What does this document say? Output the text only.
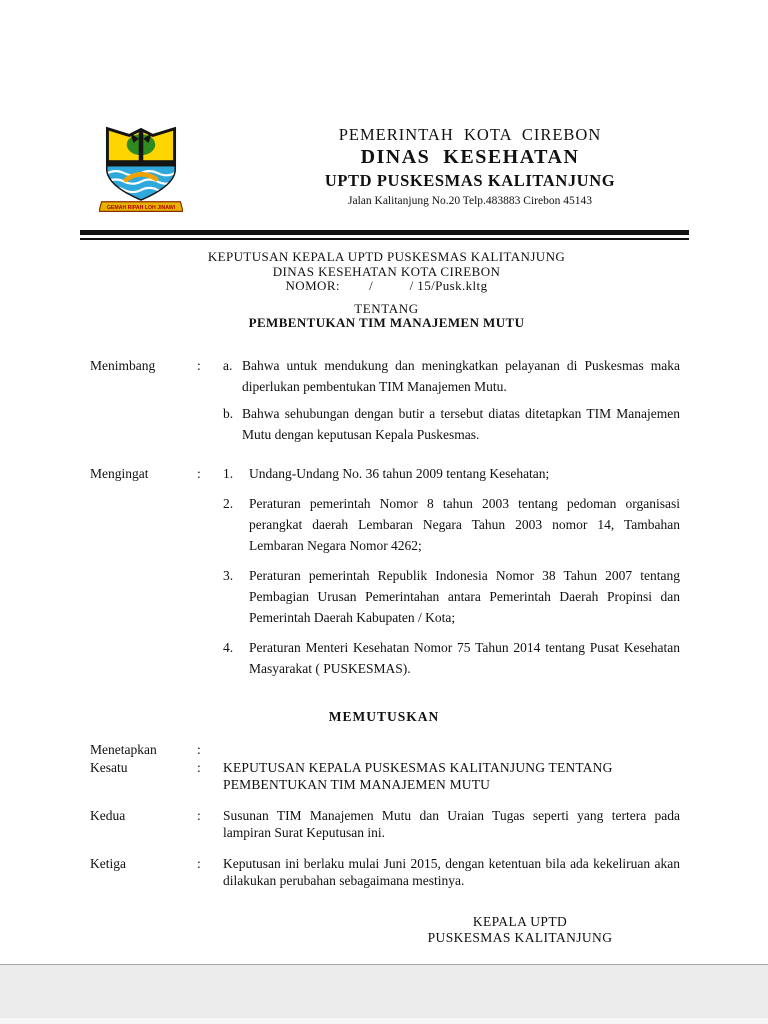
GEMAH RIPAH LOH JINAWI
PEMERINTAH  KOTA  CIREBON
DINAS  KESEHATAN
UPTD PUSKESMAS KALITANJUNG
Jalan Kalitanjung No.20 Telp.483883 Cirebon 45143
KEPUTUSAN KEPALA UPTD PUSKESMAS KALITANJUNG
DINAS KESEHATAN KOTA CIREBON
NOMOR:        /          / 15/Pusk.kltg
TENTANG
PEMBENTUKAN TIM MANAJEMEN MUTU
Menimbang	:	a. Bahwa untuk mendukung dan meningkatkan pelayanan di Puskesmas maka diperlukan pembentukan TIM Manajemen Mutu.
b. Bahwa sehubungan dengan butir a tersebut diatas ditetapkan TIM Manajemen Mutu dengan keputusan Kepala Puskesmas.
Mengingat	:	1.	Undang-Undang No. 36 tahun 2009 tentang Kesehatan;
2.	Peraturan pemerintah Nomor 8 tahun 2003 tentang pedoman organisasi perangkat daerah Lembaran Negara Tahun 2003 nomor 14, Tambahan Lembaran Negara Nomor 4262;
3.	Peraturan pemerintah Republik Indonesia Nomor 38 Tahun 2007 tentang Pembagian Urusan Pemerintahan antara Pemerintah Daerah Propinsi dan Pemerintah Daerah Kabupaten / Kota;
4.	Peraturan Menteri Kesehatan Nomor 75 Tahun 2014 tentang Pusat Kesehatan Masyarakat ( PUSKESMAS).
MEMUTUSKAN
Menetapkan	:
Kesatu	:	KEPUTUSAN KEPALA PUSKESMAS KALITANJUNG TENTANG PEMBENTUKAN TIM MANAJEMEN MUTU
Kedua	:	Susunan TIM Manajemen Mutu dan Uraian Tugas seperti yang tertera pada lampiran Surat Keputusan ini.
Ketiga	:	Keputusan ini berlaku mulai Juni 2015, dengan ketentuan bila ada kekeliruan akan dilakukan perubahan sebagaimana mestinya.
KEPALA UPTD
PUSKESMAS KALITANJUNG
